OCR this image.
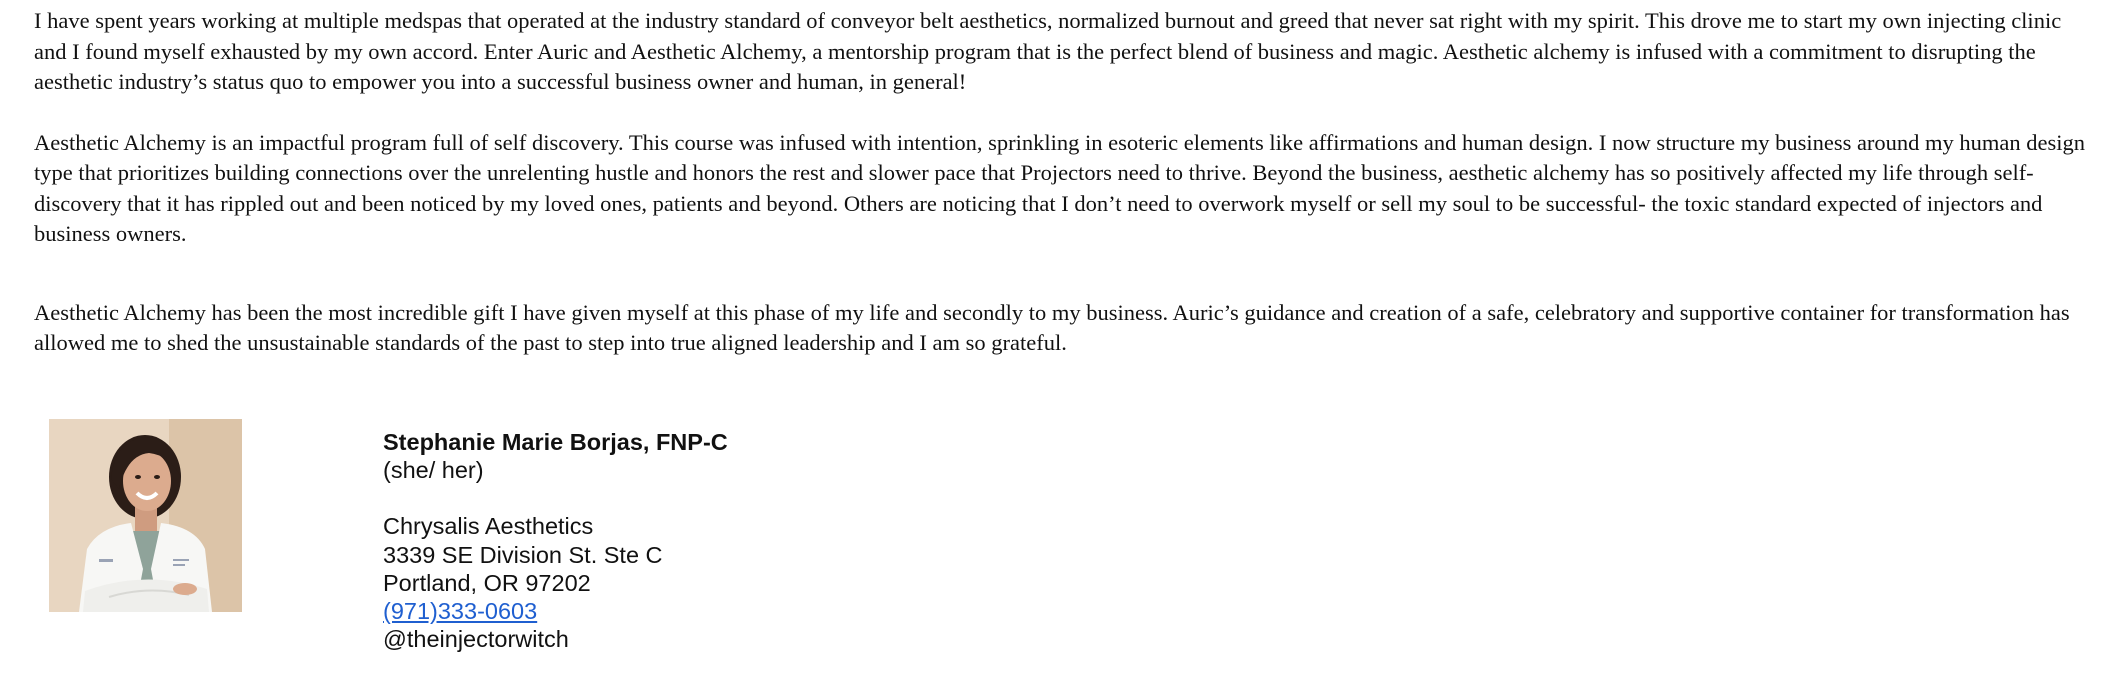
I have spent years working at multiple medspas that operated at the industry standard of conveyor belt aesthetics, normalized burnout and greed that never sat right with my spirit. This drove me to start my own injecting clinic and I found myself exhausted by my own accord. Enter Auric and Aesthetic Alchemy, a mentorship program that is the perfect blend of business and magic. Aesthetic alchemy is infused with a commitment to disrupting the aesthetic industry’s status quo to empower you into a successful business owner and human, in general!

Aesthetic Alchemy is an impactful program full of self discovery. This course was infused with intention, sprinkling in esoteric elements like affirmations and human design. I now structure my business around my human design type that prioritizes building connections over the unrelenting hustle and honors the rest and slower pace that Projectors need to thrive. Beyond the business, aesthetic alchemy has so positively affected my life through self-discovery that it has rippled out and been noticed by my loved ones, patients and beyond. Others are noticing that I don’t need to overwork myself or sell my soul to be successful- the toxic standard expected of injectors and business owners.

Aesthetic Alchemy has been the most incredible gift I have given myself at this phase of my life and secondly to my business. Auric’s guidance and creation of a safe, celebratory and supportive container for transformation has allowed me to shed the unsustainable standards of the past to step into true aligned leadership and I am so grateful.

Stephanie Marie Borjas, FNP-C
(she/ her)
Chrysalis Aesthetics
3339 SE Division St. Ste C
Portland, OR 97202
(971)333-0603
@theinjectorwitch
